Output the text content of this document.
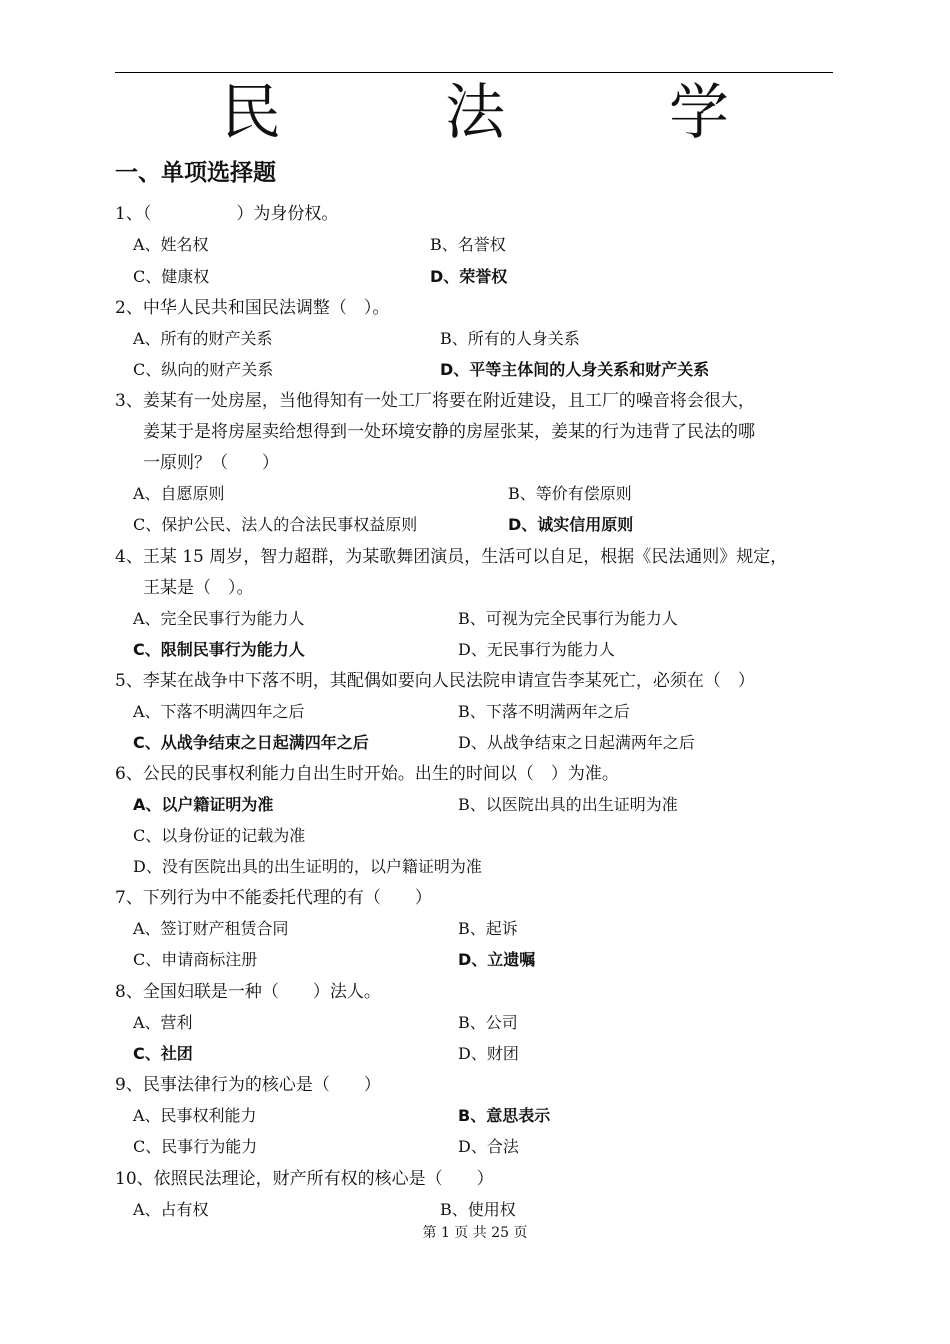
民　法　学
一、单项选择题
1、（　　　　　）为身份权。
A、姓名权	B、名誉权
C、健康权	D、荣誉权
2、中华人民共和国民法调整（　）。
A、所有的财产关系	B、所有的人身关系
C、纵向的财产关系	D、平等主体间的人身关系和财产关系
3、姜某有一处房屋，当他得知有一处工厂将要在附近建设，且工厂的噪音将会很大，
姜某于是将房屋卖给想得到一处环境安静的房屋张某，姜某的行为违背了民法的哪
一原则？（　　）
A、自愿原则	B、等价有偿原则
C、保护公民、法人的合法民事权益原则	D、诚实信用原则
4、王某 15 周岁，智力超群，为某歌舞团演员，生活可以自足，根据《民法通则》规定，
王某是（　）。
A、完全民事行为能力人	B、可视为完全民事行为能力人
C、限制民事行为能力人	D、无民事行为能力人
5、李某在战争中下落不明，其配偶如要向人民法院申请宣告李某死亡，必须在（　）
A、下落不明满四年之后	B、下落不明满两年之后
C、从战争结束之日起满四年之后	D、从战争结束之日起满两年之后
6、公民的民事权利能力自出生时开始。出生的时间以（　）为准。
A、以户籍证明为准	B、以医院出具的出生证明为准
C、以身份证的记载为准
D、没有医院出具的出生证明的，以户籍证明为准
7、下列行为中不能委托代理的有（　　）
A、签订财产租赁合同	B、起诉
C、申请商标注册	D、立遗嘱
8、全国妇联是一种（　　）法人。
A、营利	B、公司
C、社团	D、财团
9、民事法律行为的核心是（　　）
A、民事权利能力	B、意思表示
C、民事行为能力	D、合法
10、依照民法理论，财产所有权的核心是（　　）
A、占有权	B、使用权
第 1 页 共 25 页
